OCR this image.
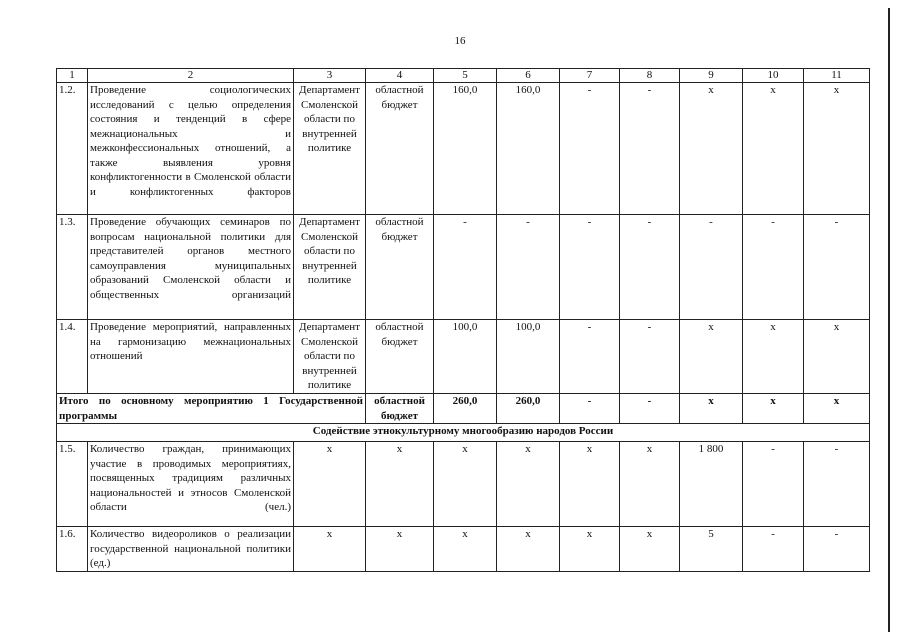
16
1	2	3	4	5	6	7	8	9	10	11
1.2.	Проведение социологических исследований с целью определения состояния и тенденций в сфере межнациональных и межконфессиональных отношений, а также выявления уровня конфликтогенности в Смоленской области и конфликтогенных факторов	Департамент Смоленской области по внутренней политике	областной бюджет	160,0	160,0	-	-	х	х	х
1.3.	Проведение обучающих семинаров по вопросам национальной политики для представителей органов местного самоуправления муниципальных образований Смоленской области и общественных организаций	Департамент Смоленской области по внутренней политике	областной бюджет	-	-	-	-	-	-	-
1.4.	Проведение мероприятий, направленных на гармонизацию межнациональных отношений	Департамент Смоленской области по внутренней политике	областной бюджет	100,0	100,0	-	-	х	х	х
Итого по основному мероприятию 1 Государственной программы			областной бюджет	260,0	260,0	-	-	х	х	х
Содействие этнокультурному многообразию народов России										
1.5.	Количество граждан, принимающих участие в проводимых мероприятиях, посвященных традициям различных национальностей и этносов Смоленской области (чел.)	х	х	х	х	х	х	1 800	-	-
1.6.	Количество видеороликов о реализации государственной национальной политики (ед.)	х	х	х	х	х	х	5	-	-
